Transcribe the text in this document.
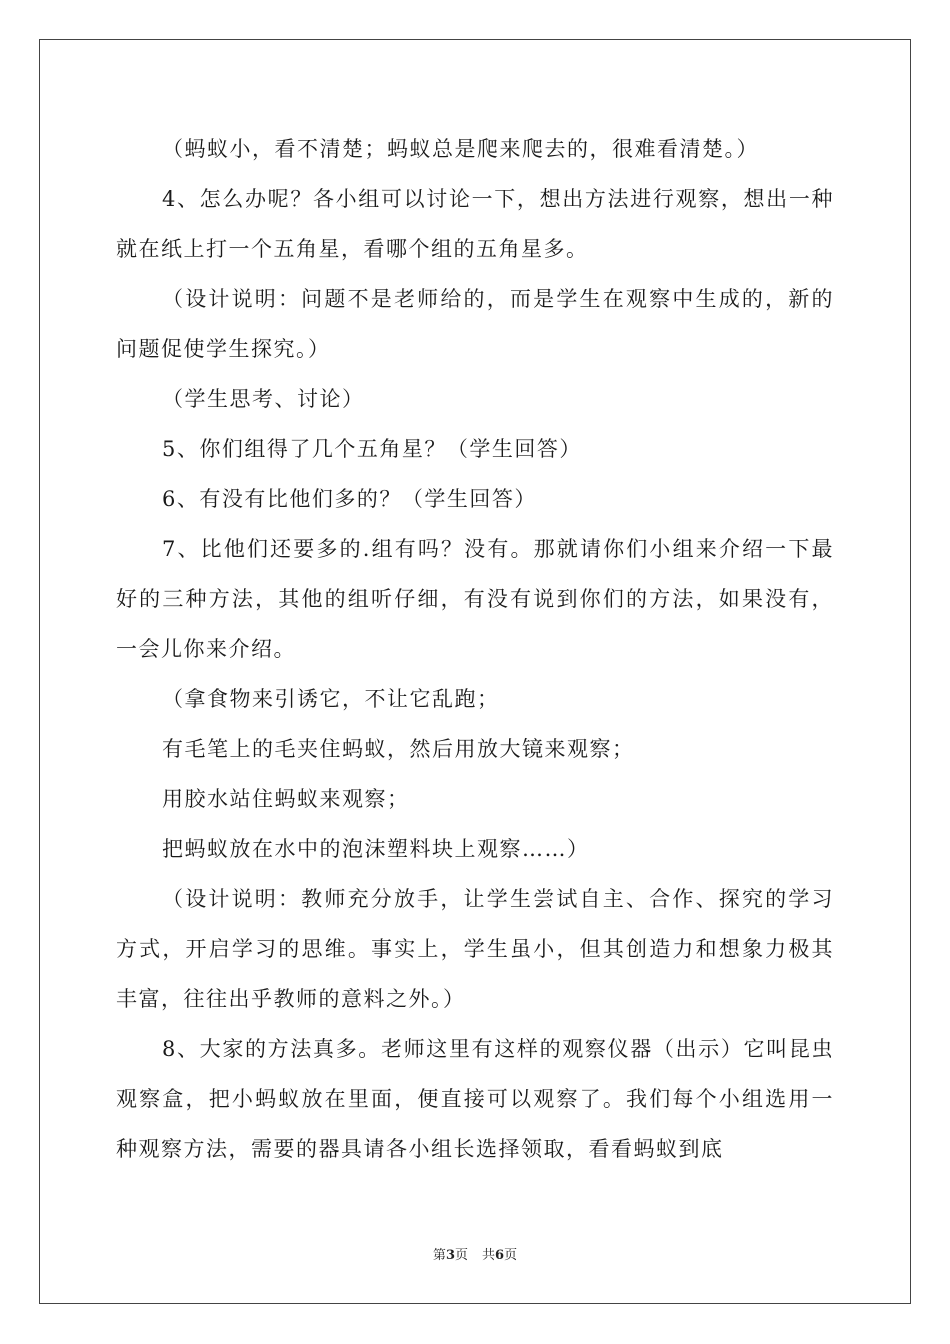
（蚂蚁小，看不清楚；蚂蚁总是爬来爬去的，很难看清楚。）

4、怎么办呢？各小组可以讨论一下，想出方法进行观察，想出一种就在纸上打一个五角星，看哪个组的五角星多。

（设计说明：问题不是老师给的，而是学生在观察中生成的，新的问题促使学生探究。）

（学生思考、讨论）

5、你们组得了几个五角星？（学生回答）

6、有没有比他们多的？（学生回答）

7、比他们还要多的.组有吗？没有。那就请你们小组来介绍一下最好的三种方法，其他的组听仔细，有没有说到你们的方法，如果没有，一会儿你来介绍。

（拿食物来引诱它，不让它乱跑；

有毛笔上的毛夹住蚂蚁，然后用放大镜来观察；

用胶水站住蚂蚁来观察；

把蚂蚁放在水中的泡沫塑料块上观察……）

（设计说明：教师充分放手，让学生尝试自主、合作、探究的学习方式，开启学习的思维。事实上，学生虽小，但其创造力和想象力极其丰富，往往出乎教师的意料之外。）

8、大家的方法真多。老师这里有这样的观察仪器（出示）它叫昆虫观察盒，把小蚂蚁放在里面，便直接可以观察了。我们每个小组选用一种观察方法，需要的器具请各小组长选择领取，看看蚂蚁到底

第3页 共6页
